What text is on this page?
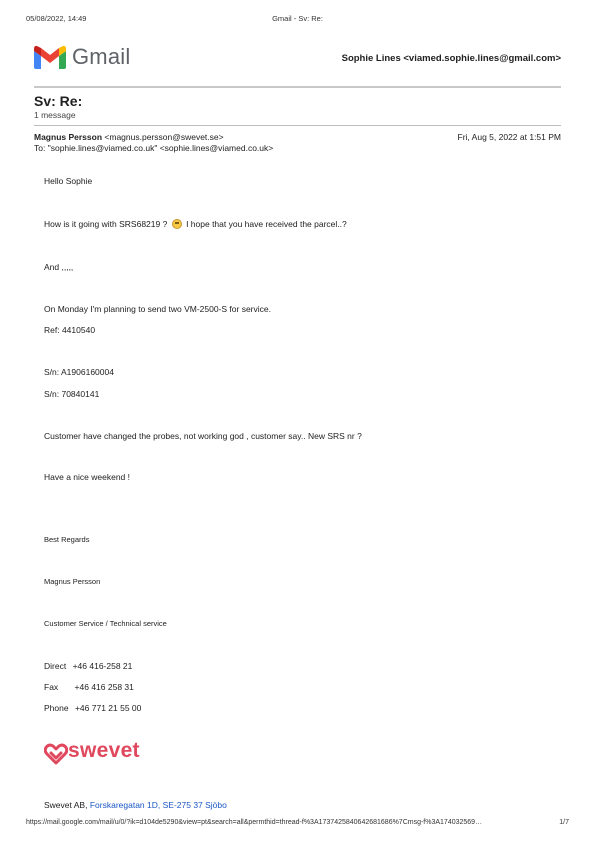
05/08/2022, 14:49	Gmail - Sv: Re:
Gmail	Sophie Lines <viamed.sophie.lines@gmail.com>
Sv: Re:
1 message
Magnus Persson <magnus.persson@swevet.se>	Fri, Aug 5, 2022 at 1:51 PM
To: "sophie.lines@viamed.co.uk" <sophie.lines@viamed.co.uk>
Hello Sophie
How is it going with SRS68219 ? I hope that you have received the parcel..?
And ,,,,,
On Monday I'm planning to send two VM-2500-S for service.
Ref: 4410540
S/n: A1906160004
S/n: 70840141
Customer have changed the probes, not working god , customer say.. New SRS nr ?
Have a nice weekend !
Best Regards
Magnus Persson
Customer Service / Technical service
Direct +46 416-258 21
Fax +46 416 258 31
Phone +46 771 21 55 00
swevet
Swevet AB, Forskaregatan 1D, SE-275 37 Sjöbo
https://mail.google.com/mail/u/0/?ik=d104de5290&view=pt&search=all&permthid=thread-f%3A1737425840642681686%7Cmsg-f%3A174032569…	1/7
